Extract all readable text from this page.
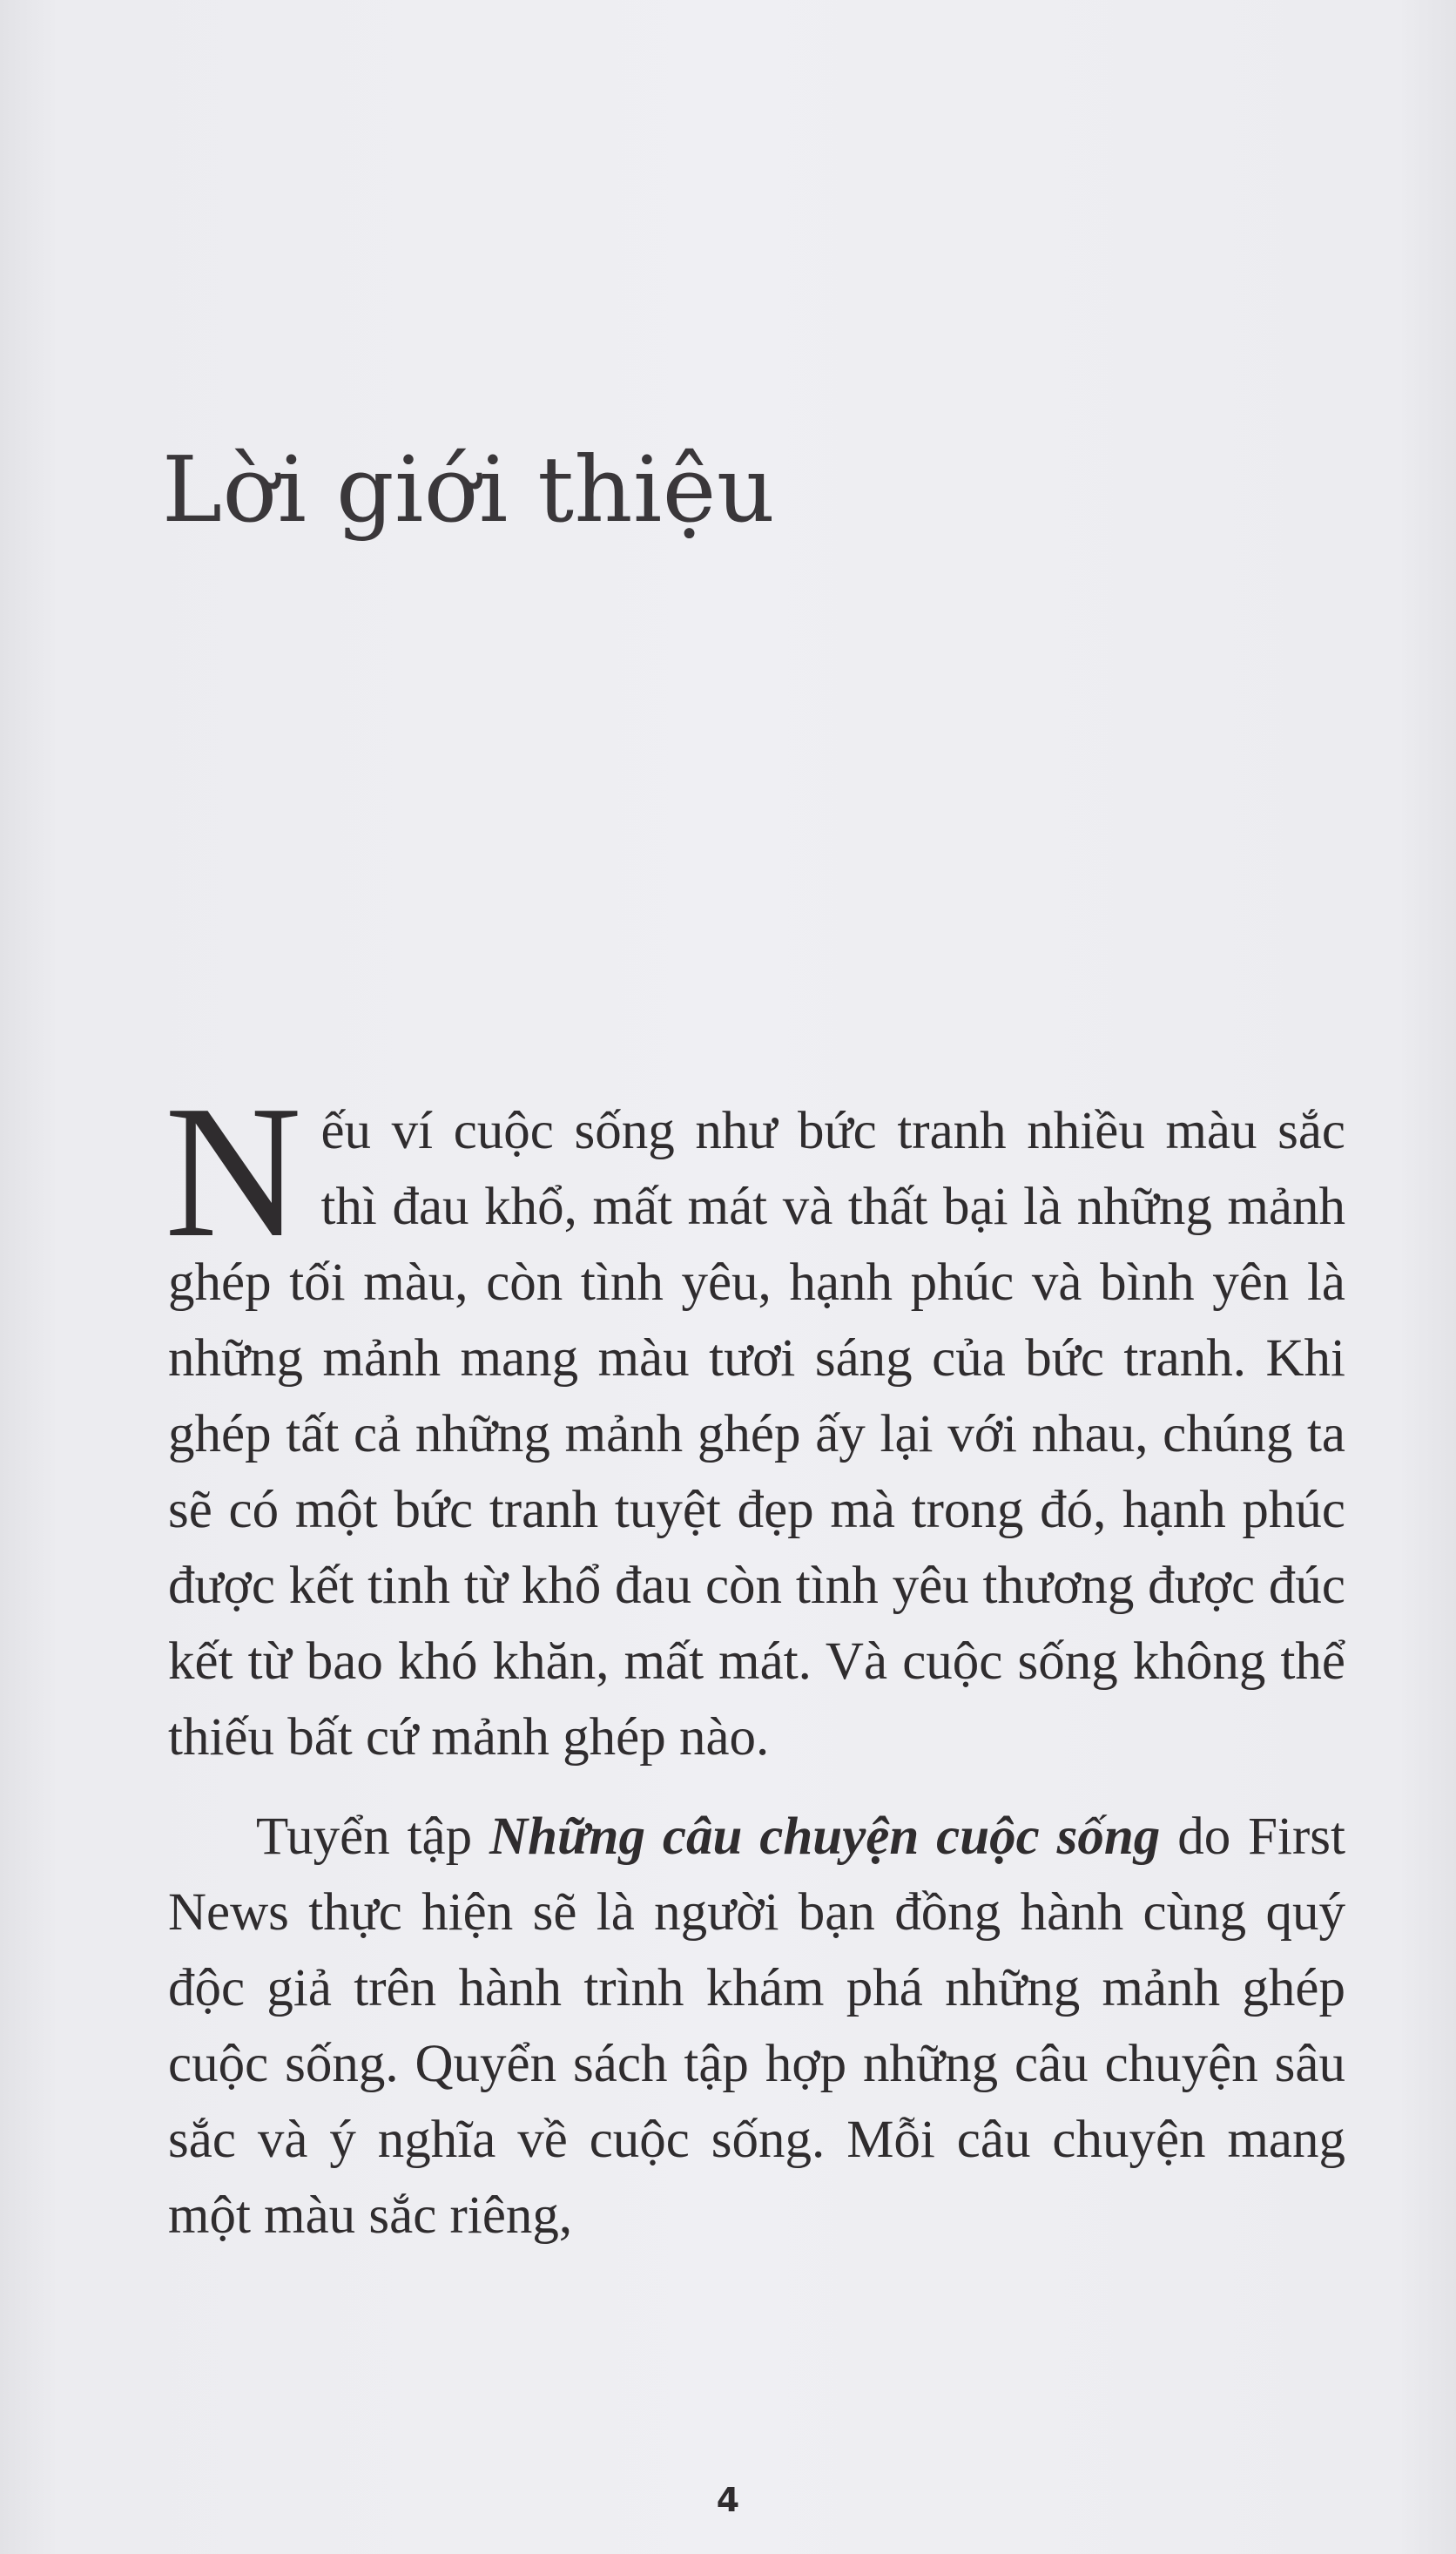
Lời giới thiệu

Nếu ví cuộc sống như bức tranh nhiều màu sắc thì đau khổ, mất mát và thất bại là những mảnh ghép tối màu, còn tình yêu, hạnh phúc và bình yên là những mảnh mang màu tươi sáng của bức tranh. Khi ghép tất cả những mảnh ghép ấy lại với nhau, chúng ta sẽ có một bức tranh tuyệt đẹp mà trong đó, hạnh phúc được kết tinh từ khổ đau còn tình yêu thương được đúc kết từ bao khó khăn, mất mát. Và cuộc sống không thể thiếu bất cứ mảnh ghép nào.

Tuyển tập Những câu chuyện cuộc sống do First News thực hiện sẽ là người bạn đồng hành cùng quý độc giả trên hành trình khám phá những mảnh ghép cuộc sống. Quyển sách tập hợp những câu chuyện sâu sắc và ý nghĩa về cuộc sống. Mỗi câu chuyện mang một màu sắc riêng,

4
